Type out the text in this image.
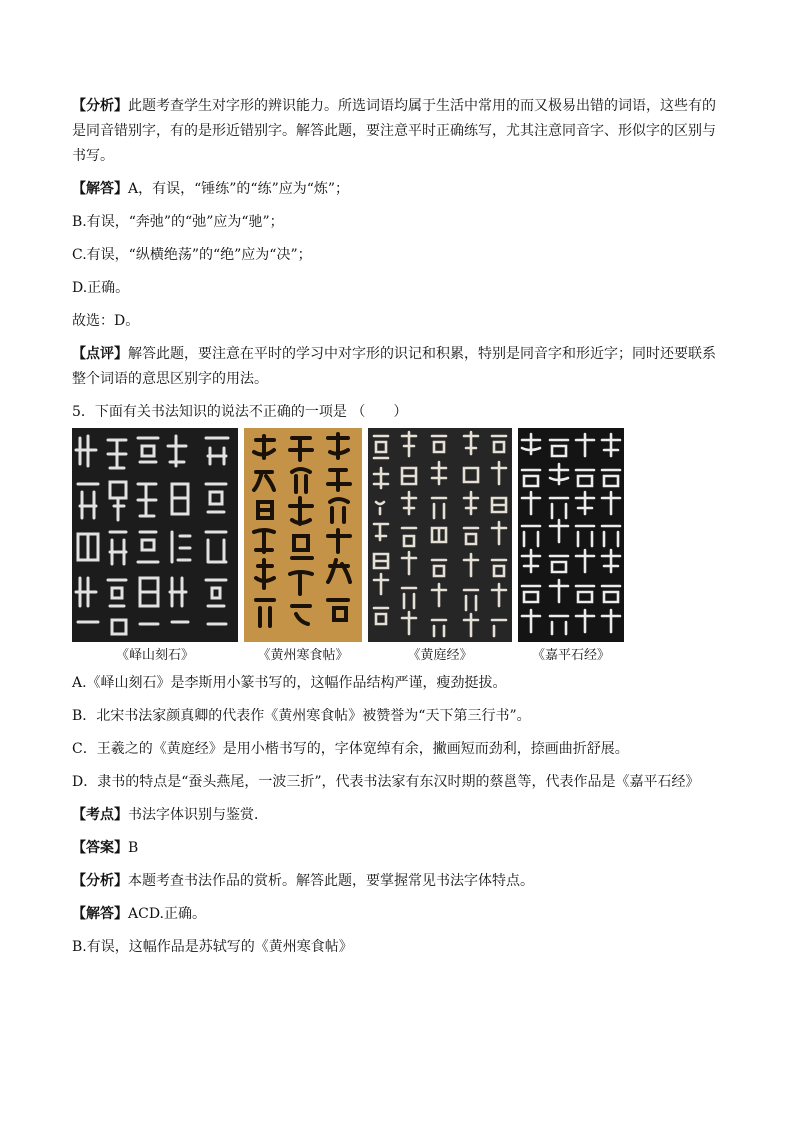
【分析】此题考查学生对字形的辨识能力。所选词语均属于生活中常用的而又极易出错的词语，这些有的
是同音错别字，有的是形近错别字。解答此题，要注意平时正确练写，尤其注意同音字、形似字的区别与
书写。
【解答】A，有误，“锤练”的“练”应为“炼”；
B.有误，“奔弛”的“弛”应为“驰”；
C.有误，“纵横绝荡”的“绝”应为“决”；
D.正确。
故选：D。
【点评】解答此题，要注意在平时的学习中对字形的识记和积累，特别是同音字和形近字；同时还要联系
整个词语的意思区别字的用法。
5．下面有关书法知识的说法不正确的一项是 （　　）
《峄山刻石》	《黄州寒食帖》	《黄庭经》	《嘉平石经》
A.《峄山刻石》是李斯用小篆书写的，这幅作品结构严谨，瘦劲挺拔。
B．北宋书法家颜真卿的代表作《黄州寒食帖》被赞誉为“天下第三行书”。
C．王羲之的《黄庭经》是用小楷书写的，字体宽绰有余，撇画短而劲利，捺画曲折舒展。
D．隶书的特点是“蚕头燕尾，一波三折”，代表书法家有东汉时期的蔡邕等，代表作品是《嘉平石经》
【考点】书法字体识别与鉴赏．
【答案】B
【分析】本题考查书法作品的赏析。解答此题，要掌握常见书法字体特点。
【解答】ACD.正确。
B.有误，这幅作品是苏轼写的《黄州寒食帖》
